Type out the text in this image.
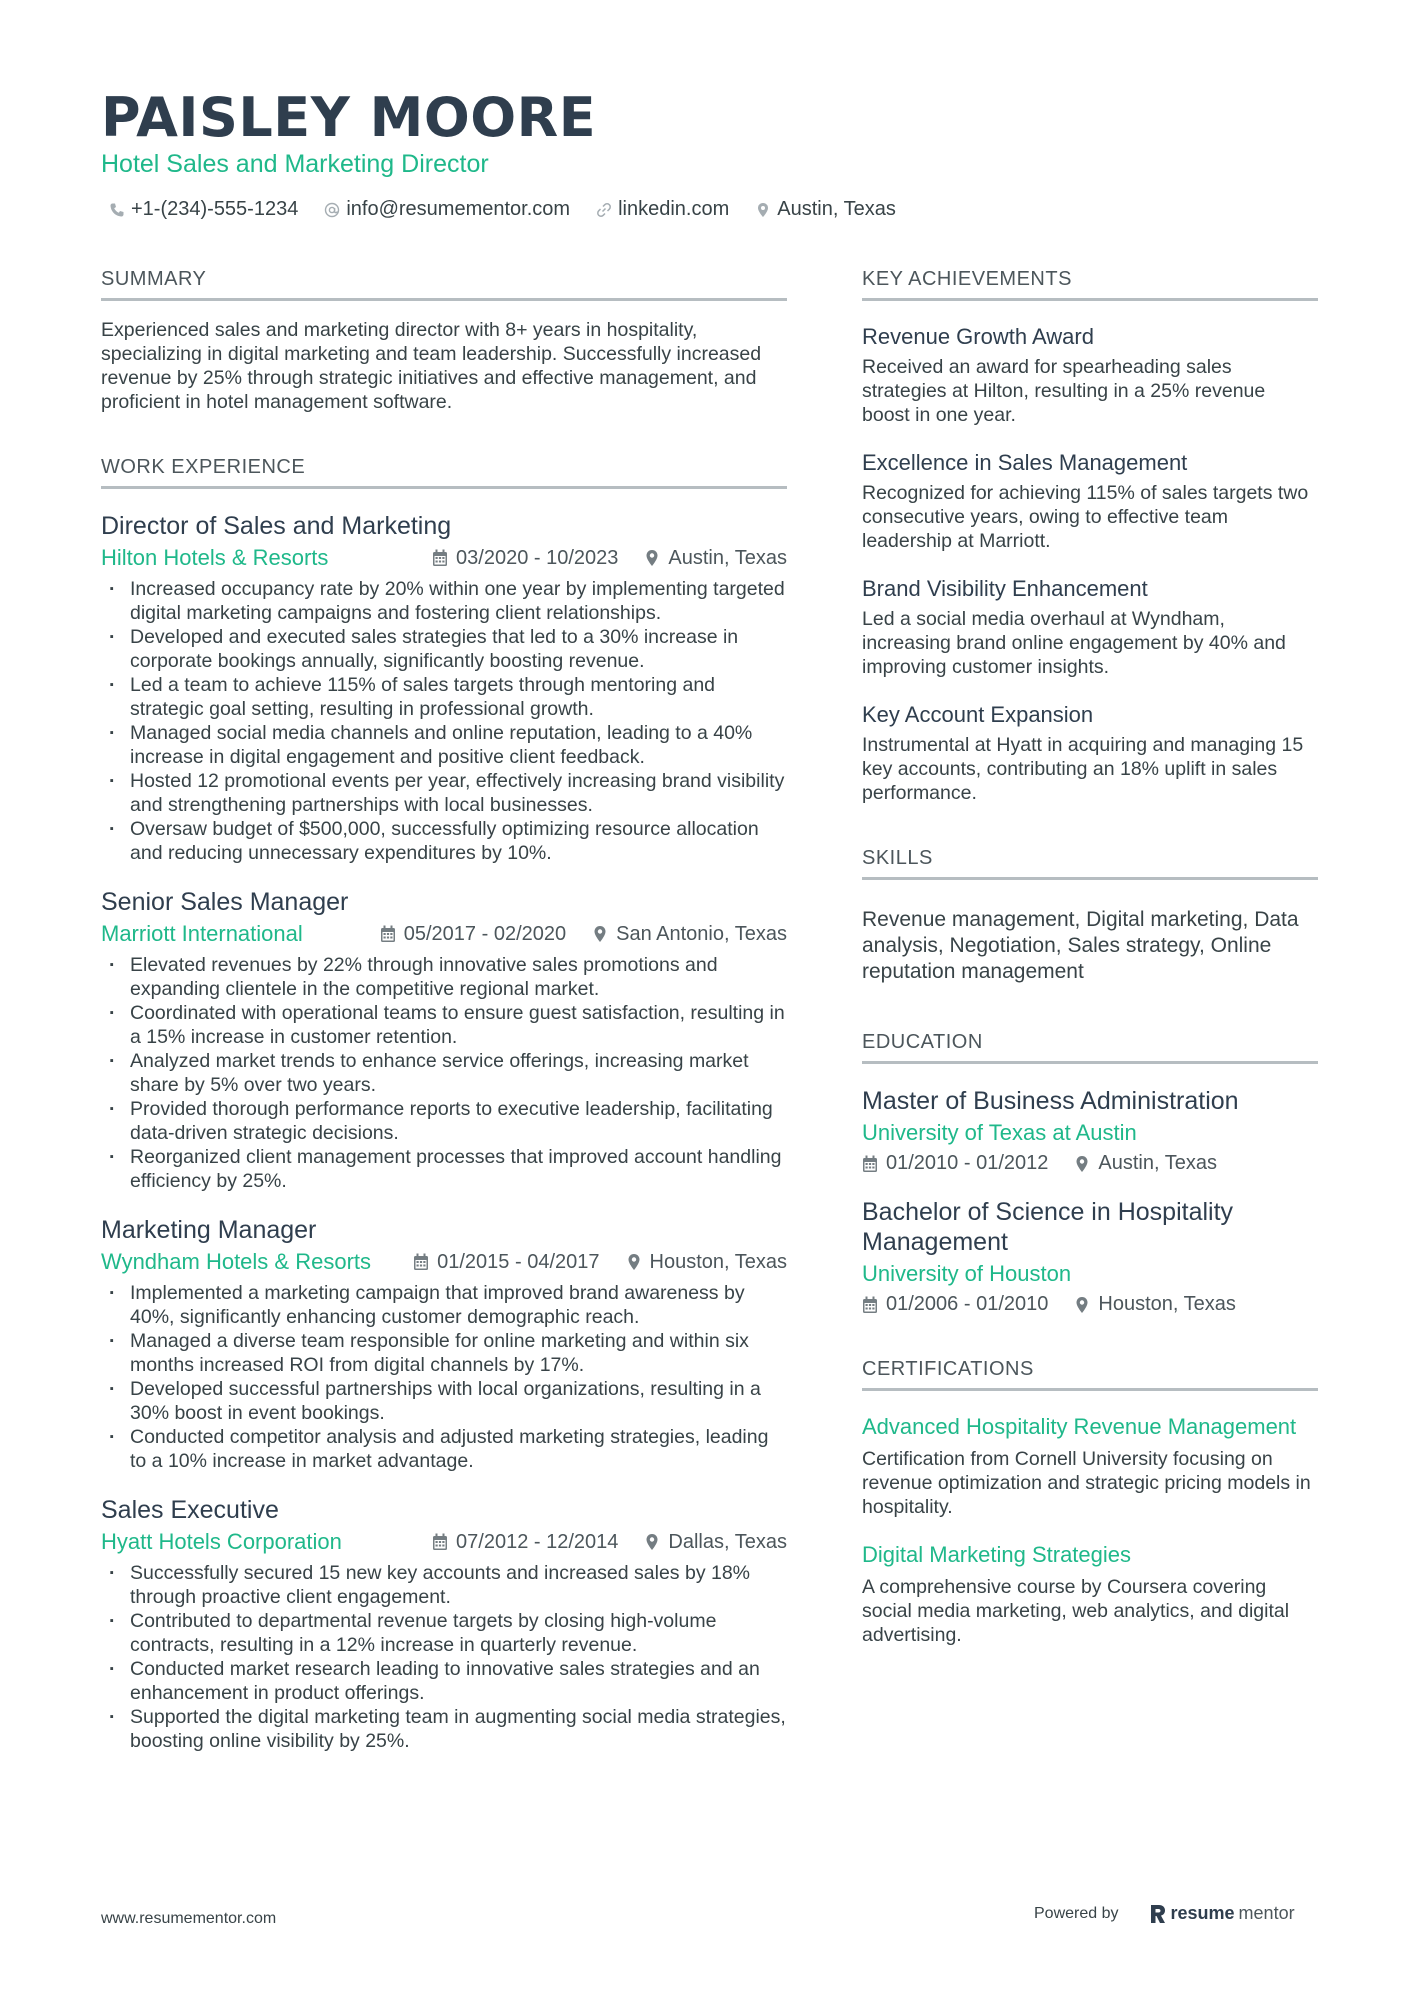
PAISLEY MOORE
Hotel Sales and Marketing Director
+1-(234)-555-1234 info@resumementor.com linkedin.com Austin, Texas
SUMMARY
Experienced sales and marketing director with 8+ years in hospitality, specializing in digital marketing and team leadership. Successfully increased revenue by 25% through strategic initiatives and effective management, and proficient in hotel management software.
WORK EXPERIENCE
Director of Sales and Marketing
Hilton Hotels & Resorts	03/2020 - 10/2023	Austin, Texas
· Increased occupancy rate by 20% within one year by implementing targeted digital marketing campaigns and fostering client relationships.
· Developed and executed sales strategies that led to a 30% increase in corporate bookings annually, significantly boosting revenue.
· Led a team to achieve 115% of sales targets through mentoring and strategic goal setting, resulting in professional growth.
· Managed social media channels and online reputation, leading to a 40% increase in digital engagement and positive client feedback.
· Hosted 12 promotional events per year, effectively increasing brand visibility and strengthening partnerships with local businesses.
· Oversaw budget of $500,000, successfully optimizing resource allocation and reducing unnecessary expenditures by 10%.
Senior Sales Manager
Marriott International	05/2017 - 02/2020	San Antonio, Texas
· Elevated revenues by 22% through innovative sales promotions and expanding clientele in the competitive regional market.
· Coordinated with operational teams to ensure guest satisfaction, resulting in a 15% increase in customer retention.
· Analyzed market trends to enhance service offerings, increasing market share by 5% over two years.
· Provided thorough performance reports to executive leadership, facilitating data-driven strategic decisions.
· Reorganized client management processes that improved account handling efficiency by 25%.
Marketing Manager
Wyndham Hotels & Resorts	01/2015 - 04/2017	Houston, Texas
· Implemented a marketing campaign that improved brand awareness by 40%, significantly enhancing customer demographic reach.
· Managed a diverse team responsible for online marketing and within six months increased ROI from digital channels by 17%.
· Developed successful partnerships with local organizations, resulting in a 30% boost in event bookings.
· Conducted competitor analysis and adjusted marketing strategies, leading to a 10% increase in market advantage.
Sales Executive
Hyatt Hotels Corporation	07/2012 - 12/2014	Dallas, Texas
· Successfully secured 15 new key accounts and increased sales by 18% through proactive client engagement.
· Contributed to departmental revenue targets by closing high-volume contracts, resulting in a 12% increase in quarterly revenue.
· Conducted market research leading to innovative sales strategies and an enhancement in product offerings.
· Supported the digital marketing team in augmenting social media strategies, boosting online visibility by 25%.
KEY ACHIEVEMENTS
Revenue Growth Award
Received an award for spearheading sales strategies at Hilton, resulting in a 25% revenue boost in one year.
Excellence in Sales Management
Recognized for achieving 115% of sales targets two consecutive years, owing to effective team leadership at Marriott.
Brand Visibility Enhancement
Led a social media overhaul at Wyndham, increasing brand online engagement by 40% and improving customer insights.
Key Account Expansion
Instrumental at Hyatt in acquiring and managing 15 key accounts, contributing an 18% uplift in sales performance.
SKILLS
Revenue management, Digital marketing, Data analysis, Negotiation, Sales strategy, Online reputation management
EDUCATION
Master of Business Administration
University of Texas at Austin
01/2010 - 01/2012	Austin, Texas
Bachelor of Science in Hospitality Management
University of Houston
01/2006 - 01/2010	Houston, Texas
CERTIFICATIONS
Advanced Hospitality Revenue Management
Certification from Cornell University focusing on revenue optimization and strategic pricing models in hospitality.
Digital Marketing Strategies
A comprehensive course by Coursera covering social media marketing, web analytics, and digital advertising.
www.resumementor.com	Powered by	resume mentor
